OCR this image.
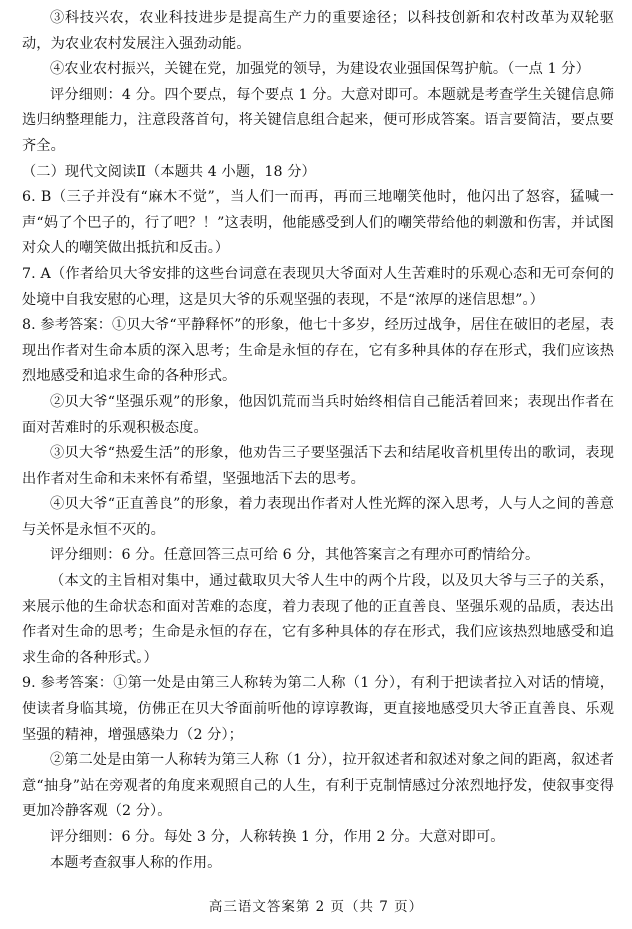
③科技兴农，农业科技进步是提高生产力的重要途径；以科技创新和农村改革为双轮驱动，为农业农村发展注入强劲动能。

④农业农村振兴，关键在党，加强党的领导，为建设农业强国保驾护航。（一点 1 分）

评分细则：4 分。四个要点，每个要点 1 分。大意对即可。本题就是考查学生关键信息筛选归纳整理能力，注意段落首句，将关键信息组合起来，便可形成答案。语言要简洁，要点要齐全。

（二）现代文阅读Ⅱ（本题共 4 小题，18 分）

6. B（三子并没有“麻木不觉”，当人们一而再，再而三地嘲笑他时，他闪出了怒容，猛喊一声“妈了个巴子的，行了吧？！”这表明，他能感受到人们的嘲笑带给他的刺激和伤害，并试图对众人的嘲笑做出抵抗和反击。）

7. A（作者给贝大爷安排的这些台词意在表现贝大爷面对人生苦难时的乐观心态和无可奈何的处境中自我安慰的心理，这是贝大爷的乐观坚强的表现，不是“浓厚的迷信思想”。）

8. 参考答案：①贝大爷“平静释怀”的形象，他七十多岁，经历过战争，居住在破旧的老屋，表现出作者对生命本质的深入思考；生命是永恒的存在，它有多种具体的存在形式，我们应该热烈地感受和追求生命的各种形式。

②贝大爷“坚强乐观”的形象，他因饥荒而当兵时始终相信自己能活着回来；表现出作者在面对苦难时的乐观积极态度。

③贝大爷“热爱生活”的形象，他劝告三子要坚强活下去和结尾收音机里传出的歌词，表现出作者对生命和未来怀有希望，坚强地活下去的思考。

④贝大爷“正直善良”的形象，着力表现出作者对人性光辉的深入思考，人与人之间的善意与关怀是永恒不灭的。

评分细则：6 分。任意回答三点可给 6 分，其他答案言之有理亦可酌情给分。

（本文的主旨相对集中，通过截取贝大爷人生中的两个片段，以及贝大爷与三子的关系，来展示他的生命状态和面对苦难的态度，着力表现了他的正直善良、坚强乐观的品质，表达出作者对生命的思考；生命是永恒的存在，它有多种具体的存在形式，我们应该热烈地感受和追求生命的各种形式。）

9. 参考答案：①第一处是由第三人称转为第二人称（1 分），有利于把读者拉入对话的情境，使读者身临其境，仿佛正在贝大爷面前听他的谆谆教诲，更直接地感受贝大爷正直善良、乐观坚强的精神，增强感染力（2 分）；

②第二处是由第一人称转为第三人称（1 分），拉开叙述者和叙述对象之间的距离，叙述者意“抽身”站在旁观者的角度来观照自己的人生，有利于克制情感过分浓烈地抒发，使叙事变得更加冷静客观（2 分）。

评分细则：6 分。每处 3 分，人称转换 1 分，作用 2 分。大意对即可。

本题考查叙事人称的作用。

高三语文答案第 2 页（共 7 页）
